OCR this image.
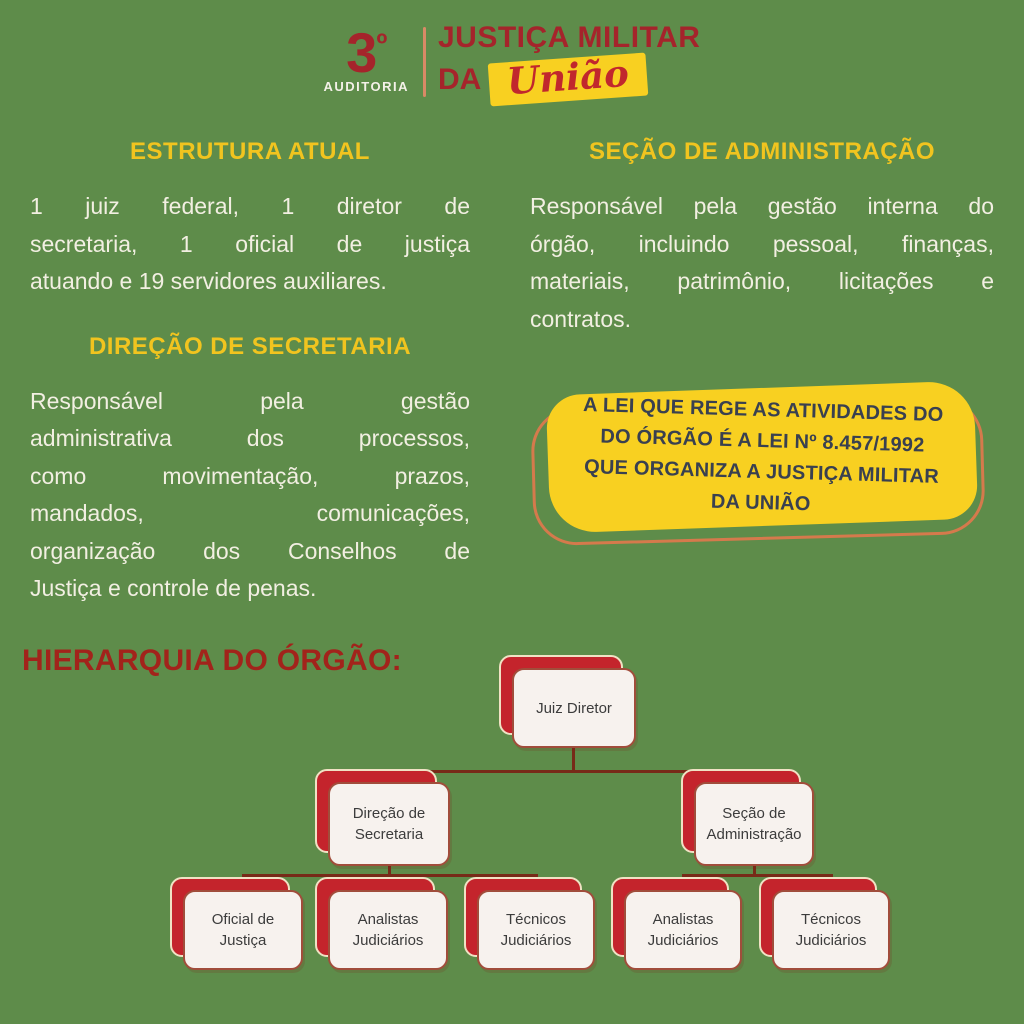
$3^º$
AUDITORIA
JUSTIÇA MILITAR
DA União
ESTRUTURA ATUAL
1 juiz federal, 1 diretor de
secretaria, 1 oficial de justiça
atuando e 19 servidores auxiliares.
DIREÇÃO DE SECRETARIA
Responsável pela gestão
administrativa dos processos,
como movimentação, prazos,
mandados, comunicações,
organização dos Conselhos de
Justiça e controle de penas.
SEÇÃO DE ADMINISTRAÇÃO
Responsável pela gestão interna do
órgão, incluindo pessoal, finanças,
materiais, patrimônio, licitações e
contratos.
A LEI QUE REGE AS ATIVIDADES DO
DO ÓRGÃO É A LEI Nº 8.457/1992
QUE ORGANIZA A JUSTIÇA MILITAR
DA UNIÃO
HIERARQUIA DO ÓRGÃO:
Juiz Diretor
Direção de Secretaria
Seção de Administração
Oficial de Justiça
Analistas Judiciários
Técnicos Judiciários
Analistas Judiciários
Técnicos Judiciários
